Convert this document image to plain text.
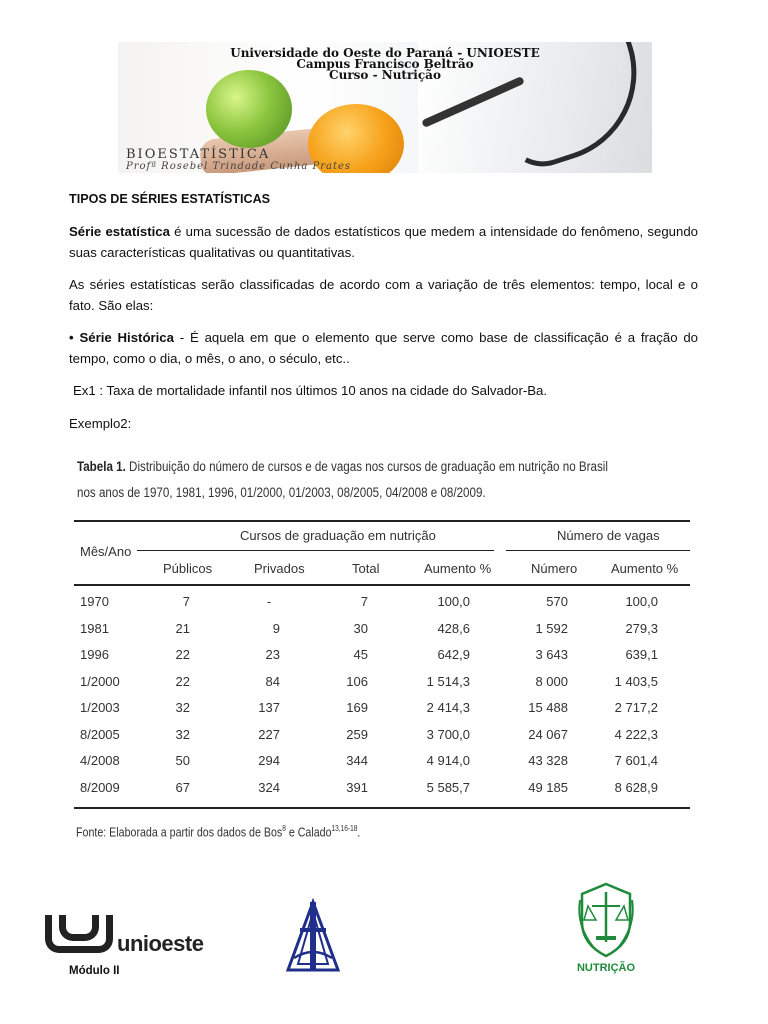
Universidade do Oeste do Paraná - UNIOESTE
Campus Francisco Beltrão
Curso - Nutrição
BIOESTATÍSTICA
Profª Rosebel Trindade Cunha Prates
TIPOS DE SÉRIES ESTATÍSTICAS
Série estatística é uma sucessão de dados estatísticos que medem a intensidade do fenômeno, segundo suas características qualitativas ou quantitativas.
As séries estatísticas serão classificadas de acordo com a variação de três elementos: tempo, local e o fato. São elas:
• Série Histórica - É aquela em que o elemento que serve como base de classificação é a fração do tempo, como o dia, o mês, o ano, o século, etc..
Ex1 : Taxa de mortalidade infantil nos últimos 10 anos na cidade do Salvador-Ba.
Exemplo2:
Tabela 1. Distribuição do número de cursos e de vagas nos cursos de graduação em nutrição no Brasil nos anos de 1970, 1981, 1996, 01/2000, 01/2003, 08/2005, 04/2008 e 08/2009.
Mês/Ano
Cursos de graduação em nutrição	Número de vagas
Públicos	Privados	Total	Aumento %	Número	Aumento %
1970	7	-	7	100,0	570	100,0
1981	21	9	30	428,6	1 592	279,3
1996	22	23	45	642,9	3 643	639,1
1/2000	22	84	106	1 514,3	8 000	1 403,5
1/2003	32	137	169	2 414,3	15 488	2 717,2
8/2005	32	227	259	3 700,0	24 067	4 222,3
4/2008	50	294	344	4 914,0	43 328	7 601,4
8/2009	67	324	391	5 585,7	49 185	8 628,9
Fonte: Elaborada a partir dos dados de Bos$^8$ e Calado$^{13,16-18}$.
unioeste
Módulo II	NUTRIÇÃO
